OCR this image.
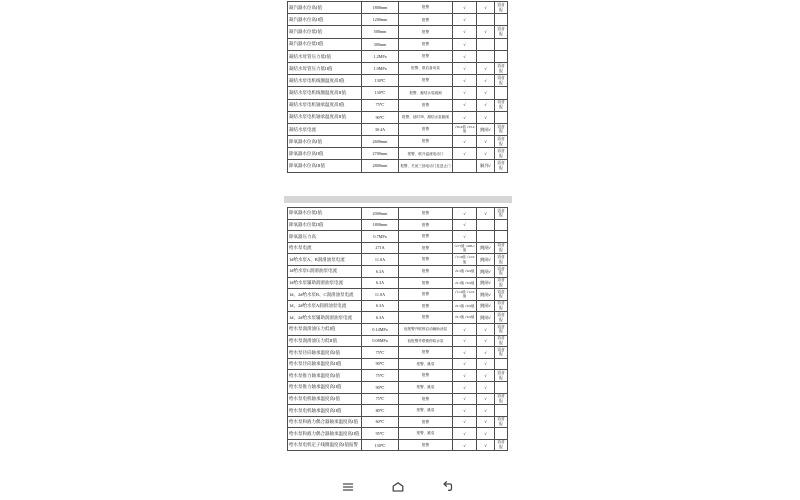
凝汽器水位高I值	1800mm	报警	√	√	语音报
凝汽器水位高II值	1200mm	报警	√		
凝汽器水位低I值	500mm	报警	√	√	语音报
凝汽器水位低II值	300mm	报警	√		
凝结水母管压力低I值	1.2MPa	报警	√		
凝结水母管压力低II值	1.0MPa	报警、联启备用泵	√	√	语音报
凝结水泵电机线圈温度高I值	130℃	报警	√	√	语音报
凝结水泵电机线圈温度高II值	130℃	报警、凝结水泵跳闸	√	√	
凝结水泵电机轴承温度高I值	75℃	报警	√	√	语音报
凝结水泵电机轴承温度高II值	90℃	报警、延时3S、凝结水泵跳闸	√	√	
凝结水泵电流	30.4A	报警	√30.4值 √33.4值	跳闸√	语音报
除氧器水位高I值	2600mm	报警	√	√	语音报
除氧器水位高II值	2700mm	报警、联开溢流电动门	√	√	语音报
除氧器水位高III值	2800mm	报警、关闭三抽电动门及逆止门		解列√	语音报
除氧器水位低I值	2000mm	报警	√	√	语音报
除氧器水位低II值	1800mm	报警	√		
除氧器压力高	0.7MPa	报警	√		
给水泵电流	271A	报警	√271值 √406.1值	跳闸√	语音报
1#给水泵A、B润滑油泵电流	11.0A	报警	√11.0值 √12.9值	跳闸√	语音报
1#给水泵C润滑油泵电流	6.3A	报警	√6.3值 √6.9值	跳闸√	语音报
1#给水泵辅助润滑油泵电流	6.3A	报警	√6.3值 √6.9值	跳闸√	语音报
1#、2#给水泵B、C润滑油泵电流	11.0A	报警	√11.0值 √12.9值	跳闸√	语音报
1#、2#给水泵A润滑油泵电流	6.3A	报警	√6.3值 √6.9值	跳闸√	语音报
1#、2#给水泵辅助润滑油泵电流	6.3A	报警	√6.3值 √6.9值	跳闸√	语音报
给水泵润滑油压力低I值	0.14MPa	低报警并联锁启动辅助油泵	√	√	语音报
给水泵润滑油压力低II值	0.08MPa	低报警并联锁停给水泵	√	√	语音报
给水泵径向轴承温度高I值	75℃	报警	√	√	语音报
给水泵径向轴承温度高II值	90℃	报警、跳泵	√	√	
给水泵推力轴承温度高I值	75℃	报警	√	√	语音报
给水泵推力轴承温度高II值	90℃	报警、跳泵	√	√	
给水泵电机轴承温度高I值	75℃	报警	√	√	语音报
给水泵电机轴承温度高II值	80℃	报警、跳泵	√	√	
给水泵和液力偶合器轴承温度高I值	60℃	报警	√	√	语音报
给水泵和液力偶合器轴承温度高II值	95℃	报警、跳泵	√	√	
给水泵电机定子线圈温度高I值报警	130℃	报警	√	√	语音报
